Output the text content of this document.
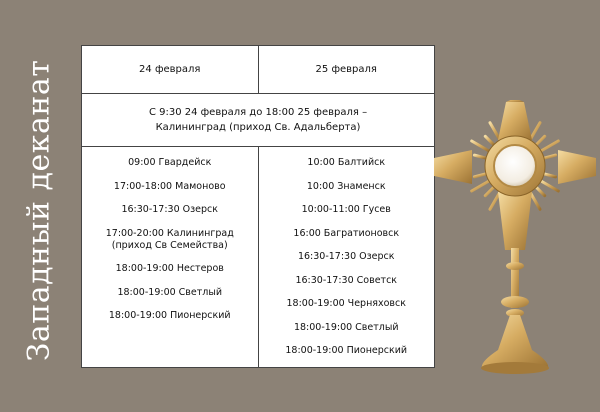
Западный деканат	24 февраля	25 февраля
С 9:30 24 февраля до 18:00 25 февраля –
Калининград (приход Св. Адальберта)
09:00 Гвардейск
17:00-18:00 Мамоново
16:30-17:30 Озерск
17:00-20:00 Калининград
(приход Св Семейства)
18:00-19:00 Нестеров
18:00-19:00 Светлый
18:00-19:00 Пионерский
10:00 Балтийск
10:00 Знаменск
10:00-11:00 Гусев
16:00 Багратионовск
16:30-17:30 Озерск
16:30-17:30 Советск
18:00-19:00 Черняховск
18:00-19:00 Светлый
18:00-19:00 Пионерский
